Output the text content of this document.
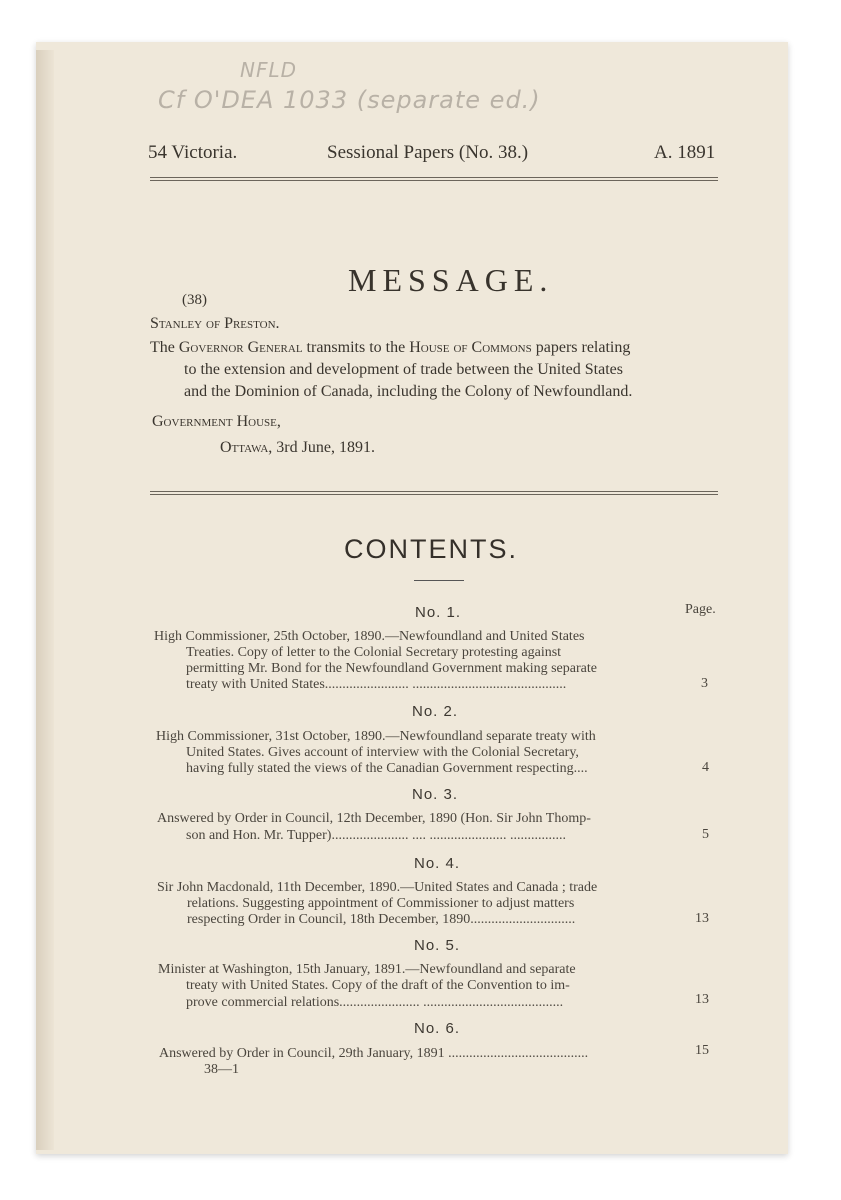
NFLD
Cf O'DEA 1033 (separate ed.)
54 Victoria.	Sessional Papers (No. 38.)	A. 1891
MESSAGE.
(38)
Stanley of Preston.
The Governor General transmits to the House of Commons papers relating
to the extension and development of trade between the United States
and the Dominion of Canada, including the Colony of Newfoundland.
Government House,
Ottawa, 3rd June, 1891.
CONTENTS.
Page.
No. 1.
High Commissioner, 25th October, 1890.—Newfoundland and United States
Treaties. Copy of letter to the Colonial Secretary protesting against
permitting Mr. Bond for the Newfoundland Government making separate
treaty with United States........................ ............................................	3
No. 2.
High Commissioner, 31st October, 1890.—Newfoundland separate treaty with
United States. Gives account of interview with the Colonial Secretary,
having fully stated the views of the Canadian Government respecting....	4
No. 3.
Answered by Order in Council, 12th December, 1890 (Hon. Sir John Thomp-
son and Hon. Mr. Tupper)...................... .... ...................... ................	5
No. 4.
Sir John Macdonald, 11th December, 1890.—United States and Canada ; trade
relations. Suggesting appointment of Commissioner to adjust matters
respecting Order in Council, 18th December, 1890..............................	13
No. 5.
Minister at Washington, 15th January, 1891.—Newfoundland and separate
treaty with United States. Copy of the draft of the Convention to im-
prove commercial relations....................... ........................................	13
No. 6.
Answered by Order in Council, 29th January, 1891 ........................................	15
38—1
